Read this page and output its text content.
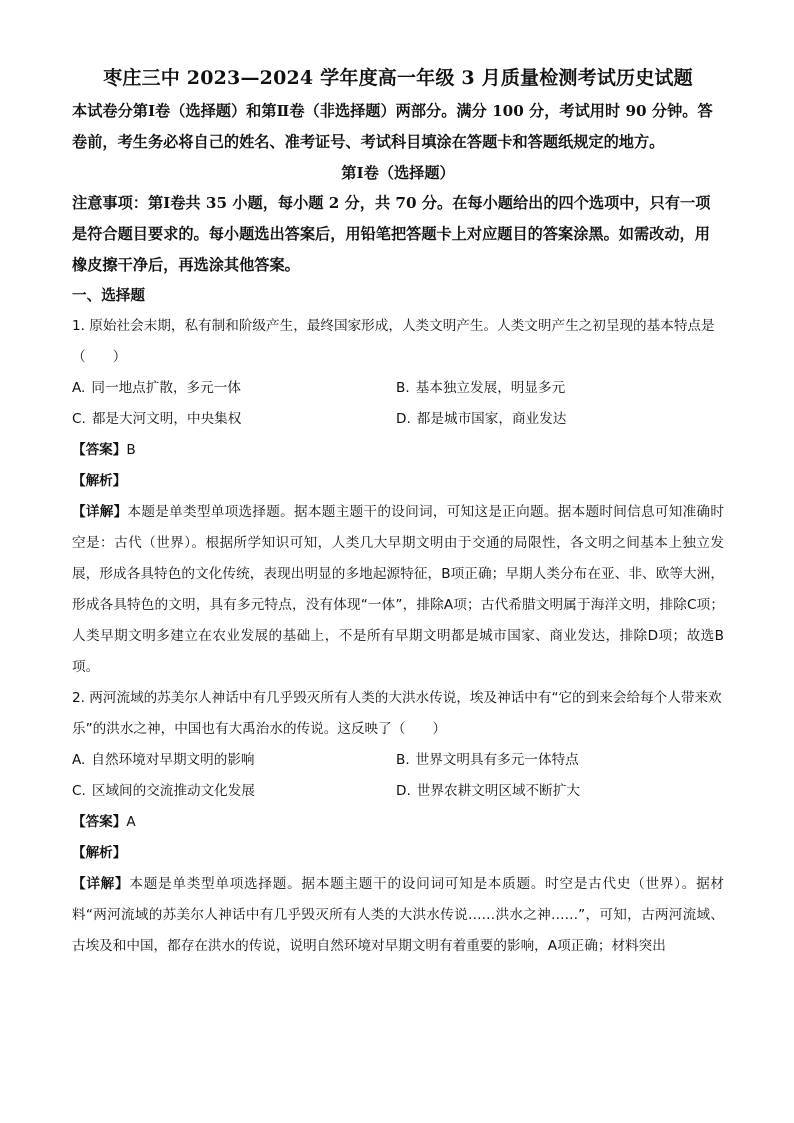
枣庄三中 2023—2024 学年度高一年级 3 月质量检测考试历史试题

本试卷分第Ⅰ卷（选择题）和第Ⅱ卷（非选择题）两部分。满分 100 分，考试用时 90 分钟。答卷前，考生务必将自己的姓名、准考证号、考试科目填涂在答题卡和答题纸规定的地方。

第Ⅰ卷（选择题）

注意事项：第Ⅰ卷共 35 小题，每小题 2 分，共 70 分。在每小题给出的四个选项中，只有一项是符合题目要求的。每小题选出答案后，用铅笔把答题卡上对应题目的答案涂黑。如需改动，用橡皮擦干净后，再选涂其他答案。

一、选择题

1. 原始社会末期，私有制和阶级产生，最终国家形成，人类文明产生。人类文明产生之初呈现的基本特点是（　　）

A. 同一地点扩散，多元一体	B. 基本独立发展，明显多元
C. 都是大河文明，中央集权	D. 都是城市国家，商业发达

【答案】B

【解析】

【详解】本题是单类型单项选择题。据本题主题干的设问词，可知这是正向题。据本题时间信息可知准确时空是：古代（世界）。根据所学知识可知，人类几大早期文明由于交通的局限性，各文明之间基本上独立发展，形成各具特色的文化传统，表现出明显的多地起源特征，B项正确；早期人类分布在亚、非、欧等大洲，形成各具特色的文明，具有多元特点，没有体现“一体”，排除A项；古代希腊文明属于海洋文明，排除C项；人类早期文明多建立在农业发展的基础上，不是所有早期文明都是城市国家、商业发达，排除D项；故选B项。

2. 两河流域的苏美尔人神话中有几乎毁灭所有人类的大洪水传说，埃及神话中有“它的到来会给每个人带来欢乐”的洪水之神，中国也有大禹治水的传说。这反映了（　　）

A. 自然环境对早期文明的影响	B. 世界文明具有多元一体特点
C. 区域间的交流推动文化发展	D. 世界农耕文明区域不断扩大

【答案】A

【解析】

【详解】本题是单类型单项选择题。据本题主题干的设问词可知是本质题。时空是古代史（世界）。据材料“两河流域的苏美尔人神话中有几乎毁灭所有人类的大洪水传说……洪水之神……”，可知，古两河流域、古埃及和中国，都存在洪水的传说，说明自然环境对早期文明有着重要的影响，A项正确；材料突出
